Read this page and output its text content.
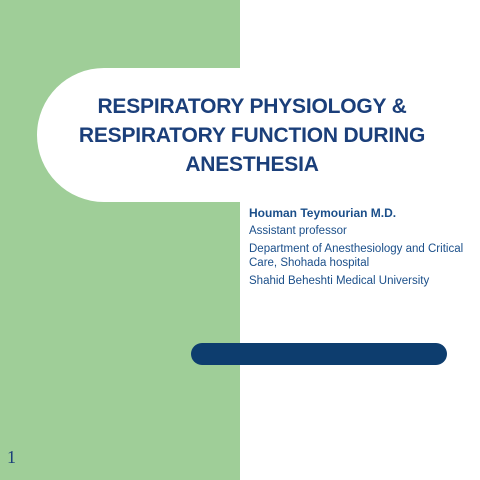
RESPIRATORY PHYSIOLOGY &
RESPIRATORY FUNCTION DURING
ANESTHESIA
Houman Teymourian M.D.
Assistant professor
Department of Anesthesiology and Critical Care, Shohada hospital
Shahid Beheshti Medical University
1
